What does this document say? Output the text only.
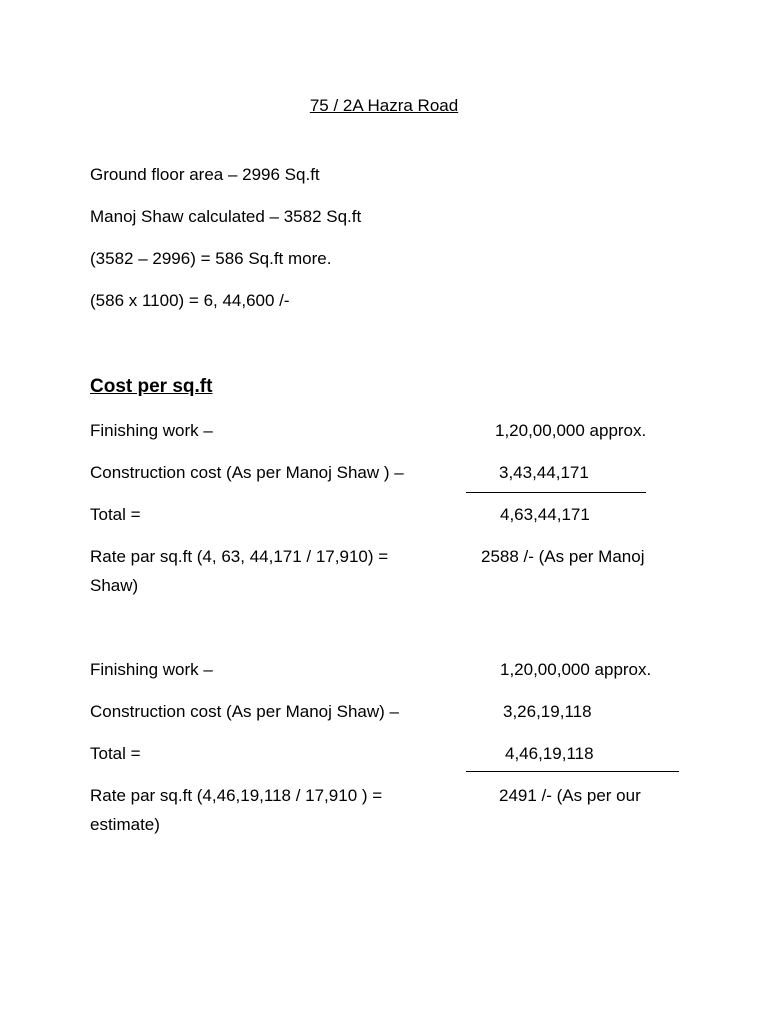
75 / 2A Hazra Road
Ground floor area – 2996 Sq.ft
Manoj Shaw calculated – 3582 Sq.ft
(3582 – 2996) = 586 Sq.ft more.
(586 x 1100) = 6, 44,600 /-
Cost per sq.ft
Finishing work –	1,20,00,000 approx.
Construction cost (As per Manoj Shaw ) –	3,43,44,171
Total =	4,63,44,171
Rate par sq.ft (4, 63, 44,171 / 17,910) =	2588 /- (As per Manoj
Shaw)
Finishing work –	1,20,00,000 approx.
Construction cost (As per Manoj Shaw) –	3,26,19,118
Total =	4,46,19,118
Rate par sq.ft (4,46,19,118 / 17,910 ) =	2491 /- (As per our
estimate)
